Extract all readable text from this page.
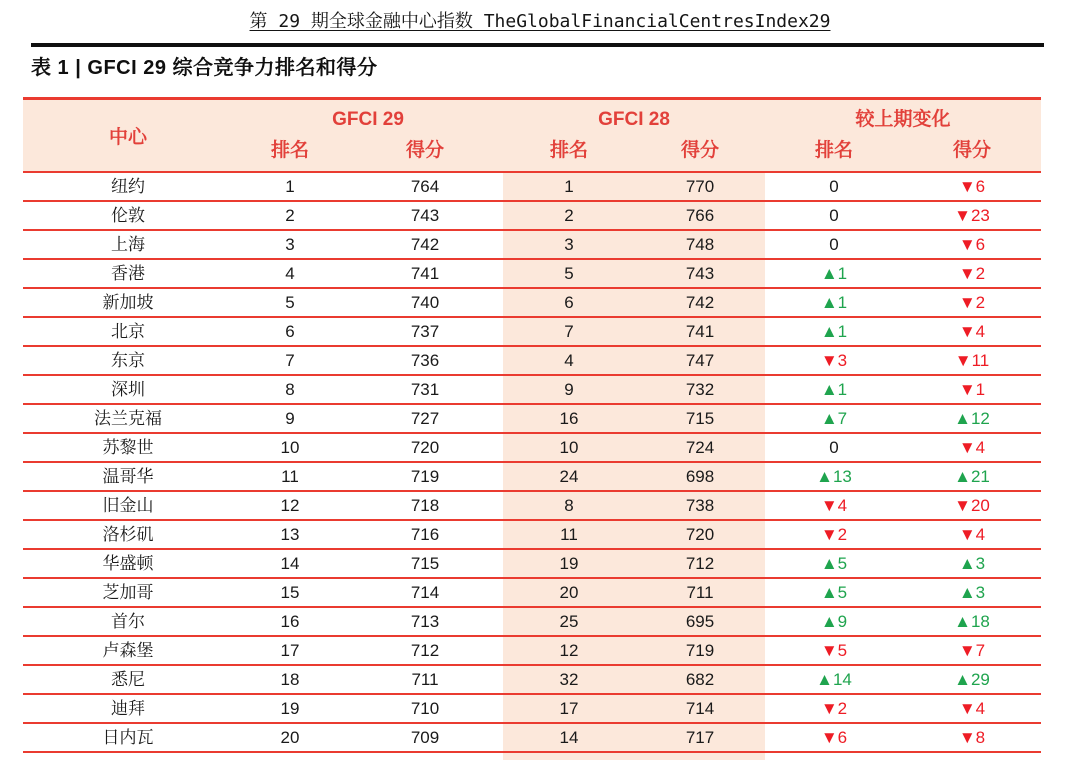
第 29 期全球金融中心指数 TheGlobalFinancialCentresIndex29
表 1 | GFCI 29 综合竞争力排名和得分
中心
GFCI 29	GFCI 28	较上期变化
排名	得分	排名	得分	排名	得分
纽约	1	764	1	770	0	▼6
伦敦	2	743	2	766	0	▼23
上海	3	742	3	748	0	▼6
香港	4	741	5	743	▲1	▼2
新加坡	5	740	6	742	▲1	▼2
北京	6	737	7	741	▲1	▼4
东京	7	736	4	747	▼3	▼11
深圳	8	731	9	732	▲1	▼1
法兰克福	9	727	16	715	▲7	▲12
苏黎世	10	720	10	724	0	▼4
温哥华	11	719	24	698	▲13	▲21
旧金山	12	718	8	738	▼4	▼20
洛杉矶	13	716	11	720	▼2	▼4
华盛顿	14	715	19	712	▲5	▲3
芝加哥	15	714	20	711	▲5	▲3
首尔	16	713	25	695	▲9	▲18
卢森堡	17	712	12	719	▼5	▼7
悉尼	18	711	32	682	▲14	▲29
迪拜	19	710	17	714	▼2	▼4
日内瓦	20	709	14	717	▼6	▼8
